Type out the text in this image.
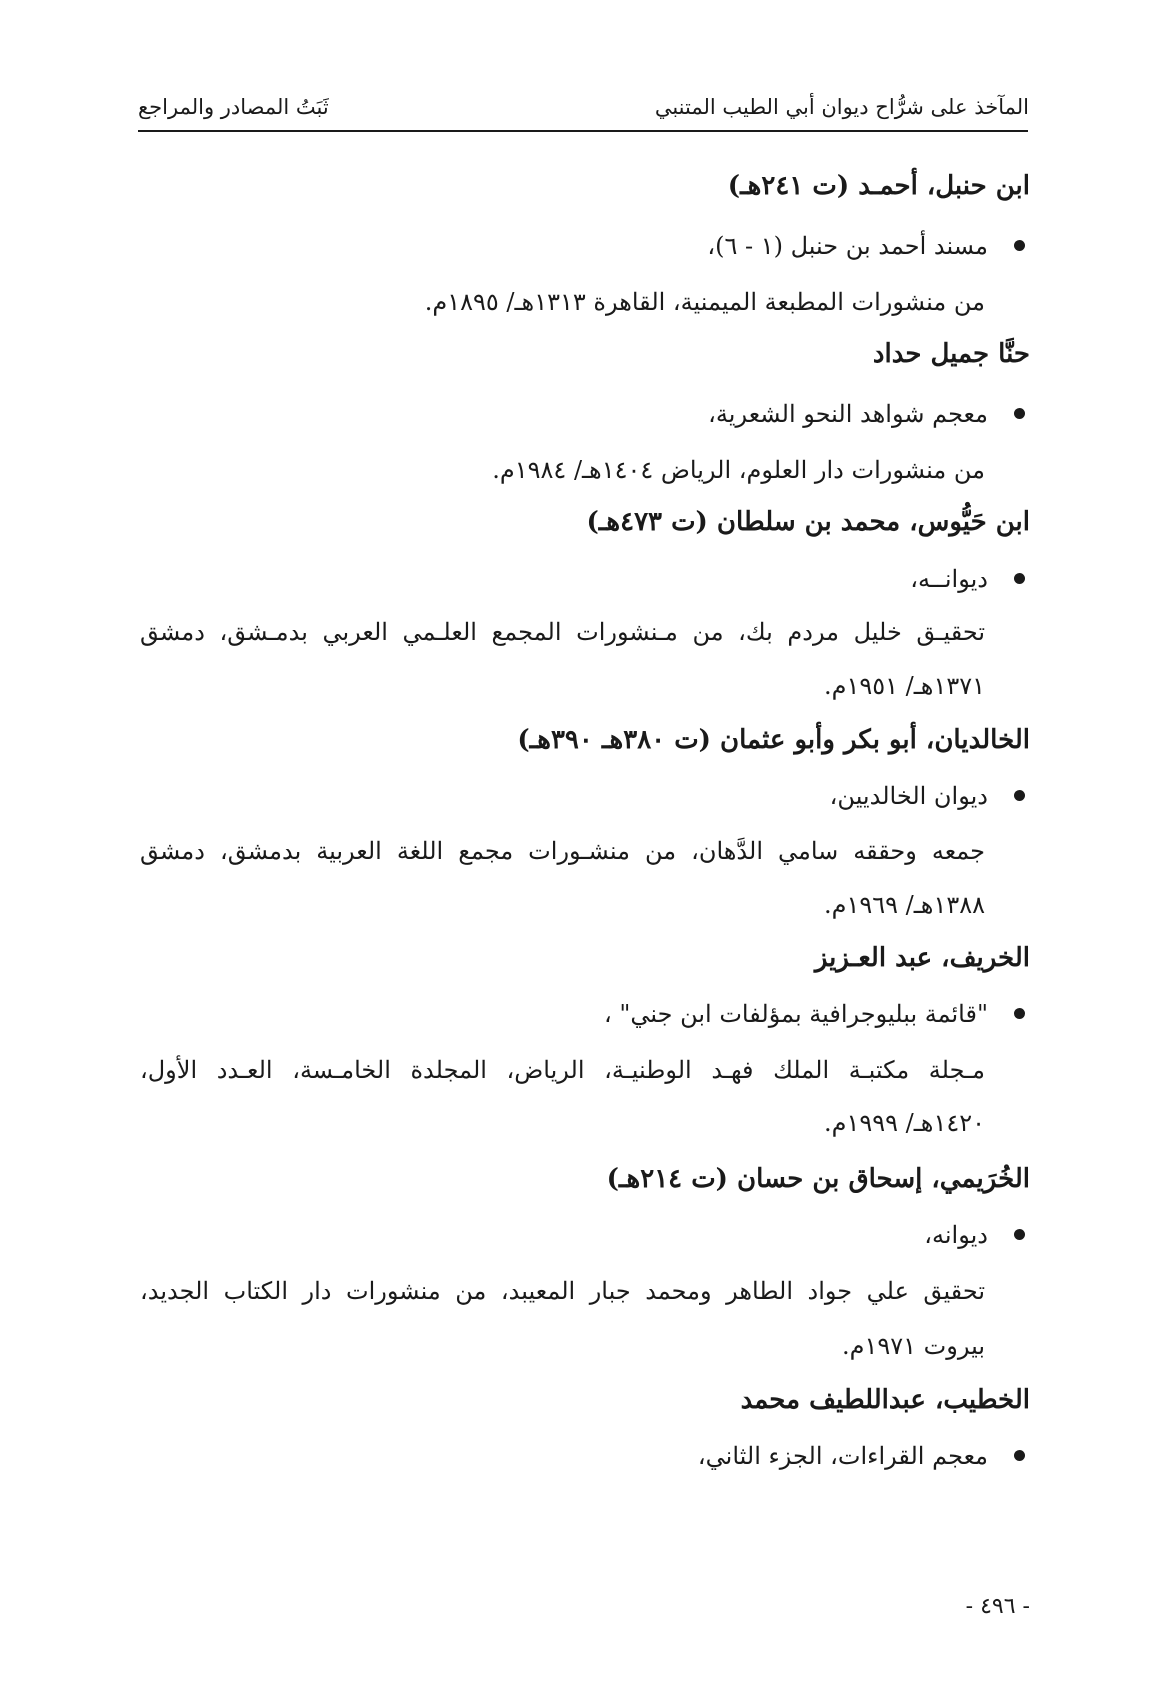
المآخذ على شرُّاح ديوان أبي الطيب المتنبي
ثَبَتُ المصادر والمراجع
ابن حنبل، أحمـد (ت ٢٤١هـ)
مسند أحمد بن حنبل (١ - ٦)،
من منشورات المطبعة الميمنية، القاهرة ١٣١٣هـ/ ١٨٩٥م.
حنَّا جميل حداد
معجم شواهد النحو الشعرية،
من منشورات دار العلوم، الرياض ١٤٠٤هـ/ ١٩٨٤م.
ابن حَيُّوس، محمد بن سلطان (ت ٤٧٣هـ)
ديوانــه،
تحقيـق خليل مردم بك، من مـنشورات المجمع العلـمي العربي بدمـشق، دمشق
١٣٧١هـ/ ١٩٥١م.
الخالديان، أبو بكر وأبو عثمان (ت ٣٨٠هـ ٣٩٠هـ)
ديوان الخالديين،
جمعه وحققه سامي الدَّهان، من منشـورات مجمع اللغة العربية بدمشق، دمشق
١٣٨٨هـ/ ١٩٦٩م.
الخريف، عبد العـزيز
"قائمة ببليوجرافية بمؤلفات ابن جني" ،
مـجلة مكتبـة الملك فهـد الوطنيـة، الرياض، المجلدة الخامـسة، العـدد الأول،
١٤٢٠هـ/ ١٩٩٩م.
الخُرَيمي، إسحاق بن حسان (ت ٢١٤هـ)
ديوانه،
تحقيق علي جواد الطاهر ومحمد جبار المعيبد، من منشورات دار الكتاب الجديد،
بيروت ١٩٧١م.
الخطيب، عبداللطيف محمد
معجم القراءات، الجزء الثاني،
- ٤٩٦ -
